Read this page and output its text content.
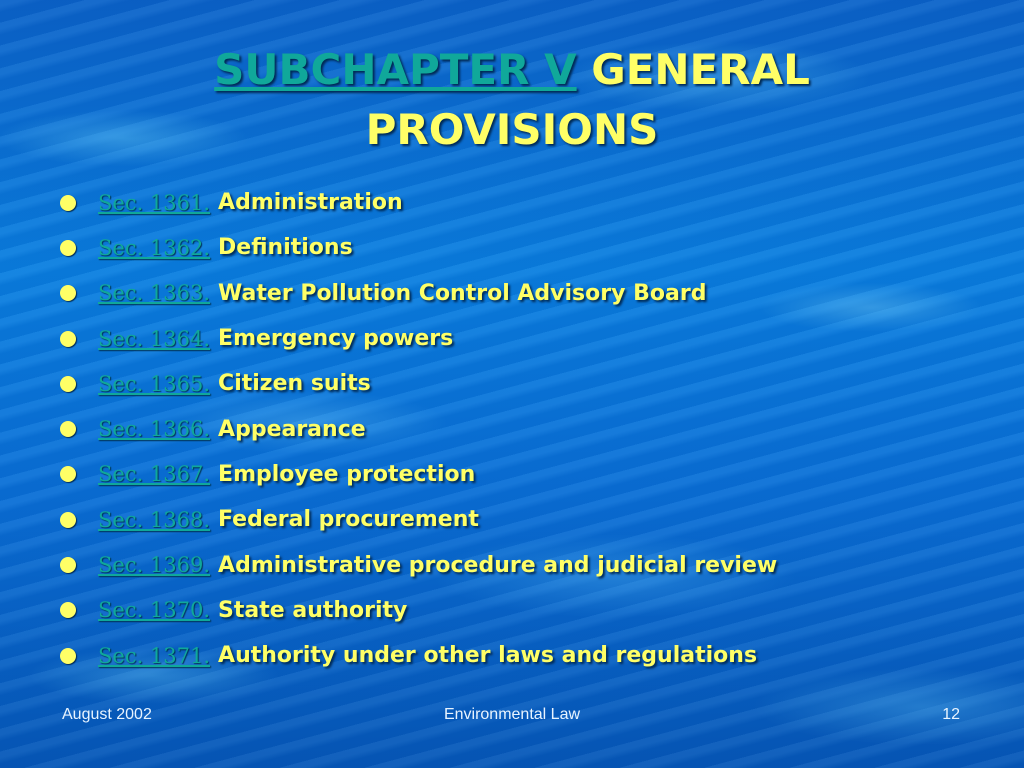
SUBCHAPTER V GENERAL
PROVISIONS
Sec. 1361. Administration
Sec. 1362. Definitions
Sec. 1363. Water Pollution Control Advisory Board
Sec. 1364. Emergency powers
Sec. 1365. Citizen suits
Sec. 1366. Appearance
Sec. 1367. Employee protection
Sec. 1368. Federal procurement
Sec. 1369. Administrative procedure and judicial review
Sec. 1370. State authority
Sec. 1371. Authority under other laws and regulations
August 2002	Environmental Law	12
